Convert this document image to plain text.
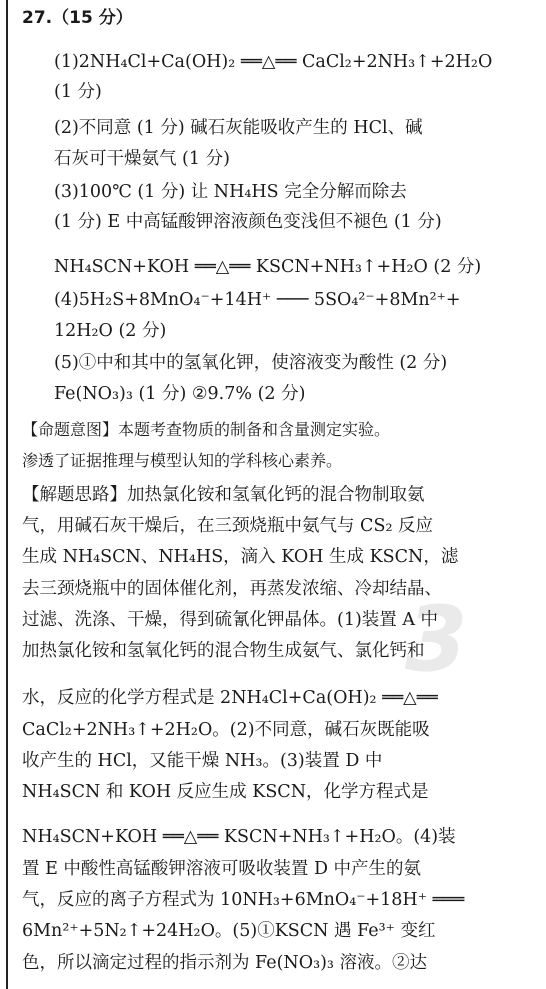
3
27.（15 分）
(1)2NH₄Cl+Ca(OH)₂ ══△══ CaCl₂+2NH₃↑+2H₂O
(1 分)
(2)不同意 (1 分) 碱石灰能吸收产生的 HCl、碱
石灰可干燥氨气 (1 分)
(3)100℃ (1 分) 让 NH₄HS 完全分解而除去
(1 分) E 中高锰酸钾溶液颜色变浅但不褪色 (1 分)
NH₄SCN+KOH ══△══ KSCN+NH₃↑+H₂O (2 分)
(4)5H₂S+8MnO₄⁻+14H⁺ ─── 5SO₄²⁻+8Mn²⁺+
12H₂O (2 分)
(5)①中和其中的氢氧化钾，使溶液变为酸性 (2 分)
Fe(NO₃)₃ (1 分) ②9.7% (2 分)
【命题意图】本题考查物质的制备和含量测定实验。
渗透了证据推理与模型认知的学科核心素养。
【解题思路】加热氯化铵和氢氧化钙的混合物制取氨
气，用碱石灰干燥后，在三颈烧瓶中氨气与 CS₂ 反应
生成 NH₄SCN、NH₄HS，滴入 KOH 生成 KSCN，滤
去三颈烧瓶中的固体催化剂，再蒸发浓缩、冷却结晶、
过滤、洗涤、干燥，得到硫氰化钾晶体。(1)装置 A 中
加热氯化铵和氢氧化钙的混合物生成氨气、氯化钙和
水，反应的化学方程式是 2NH₄Cl+Ca(OH)₂ ══△══
CaCl₂+2NH₃↑+2H₂O。(2)不同意，碱石灰既能吸
收产生的 HCl，又能干燥 NH₃。(3)装置 D 中
NH₄SCN 和 KOH 反应生成 KSCN，化学方程式是
NH₄SCN+KOH ══△══ KSCN+NH₃↑+H₂O。(4)装
置 E 中酸性高锰酸钾溶液可吸收装置 D 中产生的氨
气，反应的离子方程式为 10NH₃+6MnO₄⁻+18H⁺ ═══
6Mn²⁺+5N₂↑+24H₂O。(5)①KSCN 遇 Fe³⁺ 变红
色，所以滴定过程的指示剂为 Fe(NO₃)₃ 溶液。②达
